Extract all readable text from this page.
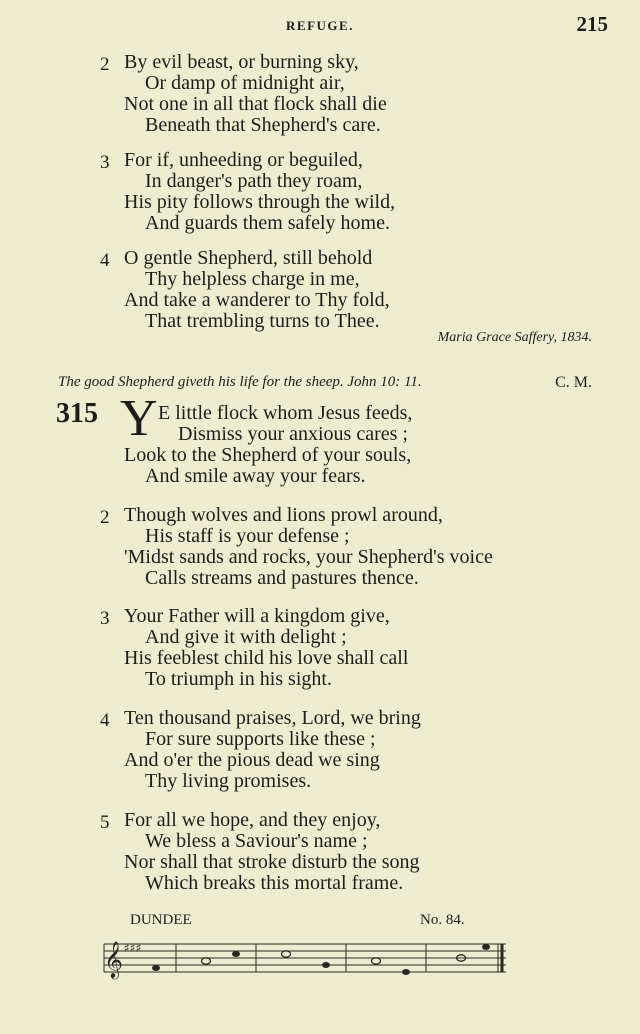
REFUGE.	215
2 By evil beast, or burning sky,
Or damp of midnight air,
Not one in all that flock shall die
Beneath that Shepherd's care.
3 For if, unheeding or beguiled,
In danger's path they roam,
His pity follows through the wild,
And guards them safely home.
4 O gentle Shepherd, still behold
Thy helpless charge in me,
And take a wanderer to Thy fold,
That trembling turns to Thee.
Maria Grace Saffery, 1834.
The good Shepherd giveth his life for the sheep. John 10: 11.	C. M.
315 Y E little flock whom Jesus feeds,
Dismiss your anxious cares ;
Look to the Shepherd of your souls,
And smile away your fears.
2 Though wolves and lions prowl around,
His staff is your defense ;
'Midst sands and rocks, your Shepherd's voice
Calls streams and pastures thence.
3 Your Father will a kingdom give,
And give it with delight ;
His feeblest child his love shall call
To triumph in his sight.
4 Ten thousand praises, Lord, we bring
For sure supports like these ;
And o'er the pious dead we sing
Thy living promises.
5 For all we hope, and they enjoy,
We bless a Saviour's name ;
Nor shall that stroke disturb the song
Which breaks this mortal frame.
DUNDEE	No. 84.
𝄞 ♯♯♯
